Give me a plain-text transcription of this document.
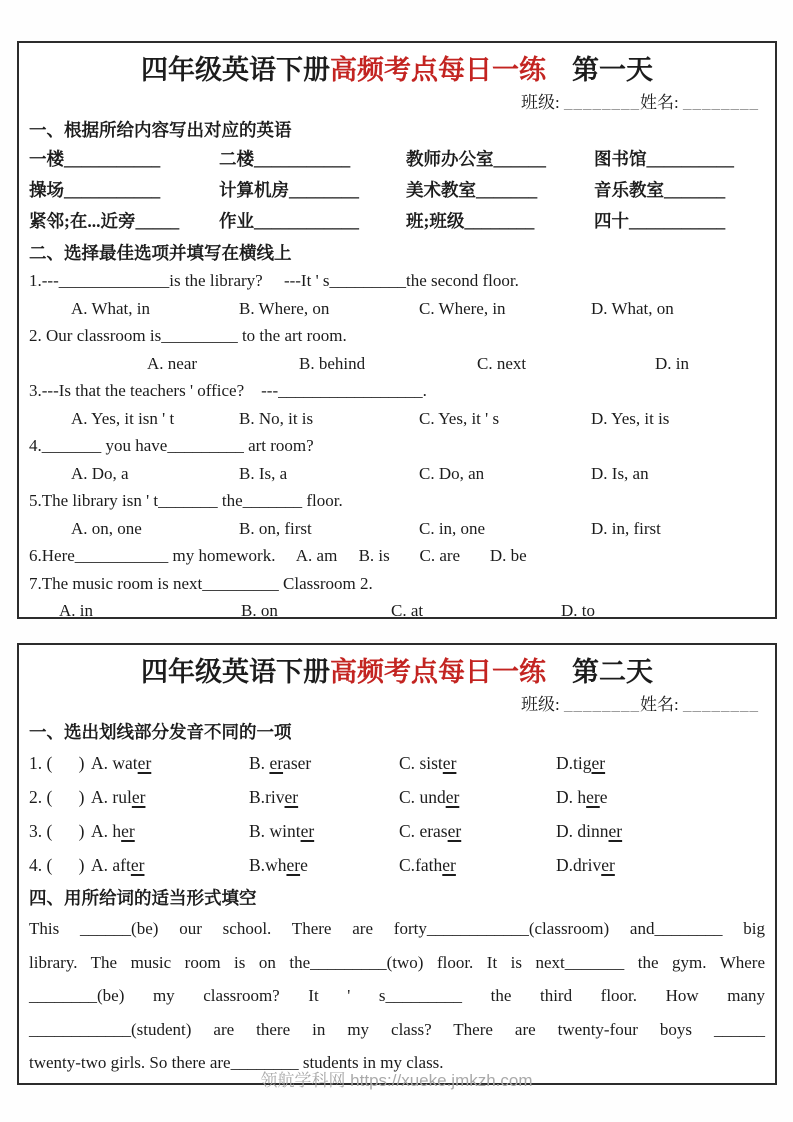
四年级英语下册高频考点每日一练 第一天
班级: ________姓名: ________
一、根据所给内容写出对应的英语
一楼___________	二楼___________	教师办公室______	图书馆__________
操场___________	计算机房________	美术教室_______	音乐教室_______
紧邻;在...近旁_____	作业____________	班;班级________	四十___________
二、选择最佳选项并填写在横线上
1.---_____________is the library?     ---It ' s_________the second floor.
A. What, in	B. Where, on	C. Where, in	D. What, on
2. Our classroom is_________ to the art room.
A. near	B. behind	C. next	D. in
3.---Is that the teachers ' office?    ---_________________.
A. Yes, it isn ' t	B. No, it is	C. Yes, it ' s	D. Yes, it is
4._______ you have_________ art room?
A. Do, a	B. Is, a	C. Do, an	D. Is, an
5.The library isn ' t_______ the_______ floor.
A. on, one	B. on, first	C. in, one	D. in, first
6.Here___________ my homework.     A. am     B. is       C. are       D. be
7.The music room is next_________ Classroom 2.
A. in	B. on	C. at	D. to
四年级英语下册高频考点每日一练 第二天
班级: ________姓名: ________
一、选出划线部分发音不同的一项
1. (      ) A. water	B. eraser	C. sister	D.tiger
2. (      ) A. ruler	B.river	C. under	D. here
3. (      ) A. her	B. winter	C. eraser	D. dinner
4. (      ) A. after	B.where	C.father	D.driver
四、用所给词的适当形式填空
This ______(be) our school. There are forty____________(classroom) and________ big
library. The music room is on the_________(two) floor. It is next_______ the gym. Where
________(be) my classroom? It ' s_________ the third floor. How many
____________(student) are there in my class? There are twenty-four boys ______
twenty-two girls. So there are________ students in my class.
领航学科网 https://xueke.jmkzh.com
